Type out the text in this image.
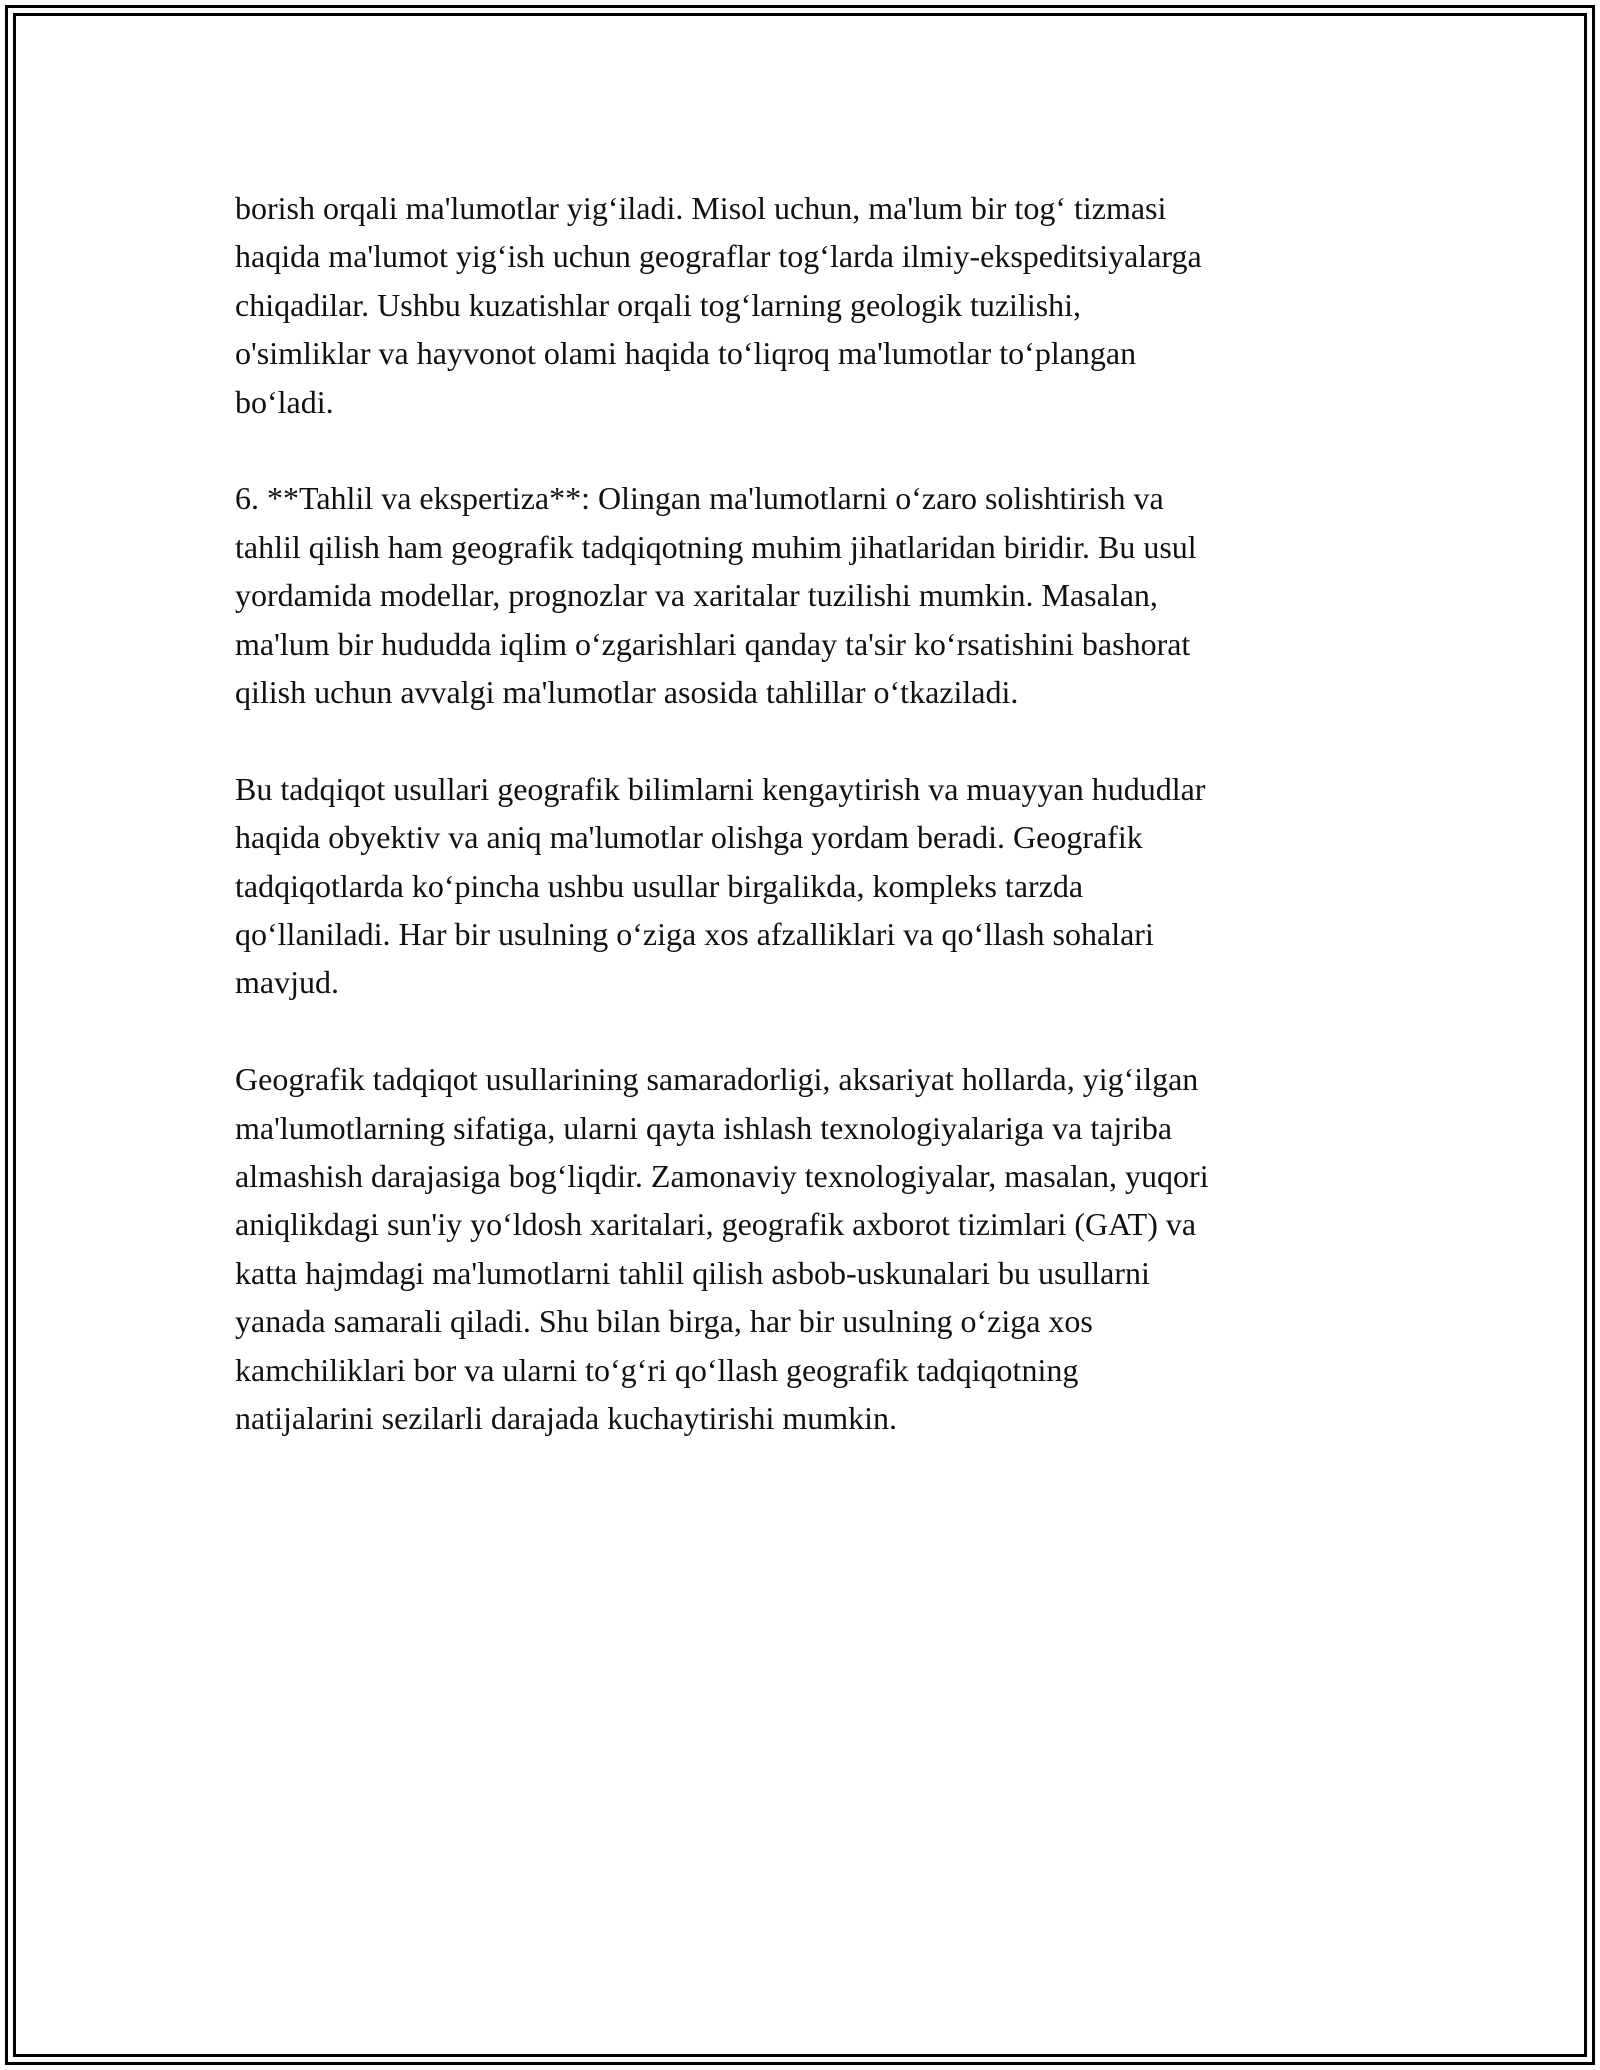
borish orqali ma'lumotlar yig‘iladi. Misol uchun, ma'lum bir tog‘ tizmasi
haqida ma'lumot yig‘ish uchun geograflar tog‘larda ilmiy-ekspeditsiyalarga
chiqadilar. Ushbu kuzatishlar orqali tog‘larning geologik tuzilishi,
o'simliklar va hayvonot olami haqida to‘liqroq ma'lumotlar to‘plangan
bo‘ladi.

6. **Tahlil va ekspertiza**: Olingan ma'lumotlarni o‘zaro solishtirish va
tahlil qilish ham geografik tadqiqotning muhim jihatlaridan biridir. Bu usul
yordamida modellar, prognozlar va xaritalar tuzilishi mumkin. Masalan,
ma'lum bir hududda iqlim o‘zgarishlari qanday ta'sir ko‘rsatishini bashorat
qilish uchun avvalgi ma'lumotlar asosida tahlillar o‘tkaziladi.

Bu tadqiqot usullari geografik bilimlarni kengaytirish va muayyan hududlar
haqida obyektiv va aniq ma'lumotlar olishga yordam beradi. Geografik
tadqiqotlarda ko‘pincha ushbu usullar birgalikda, kompleks tarzda
qo‘llaniladi. Har bir usulning o‘ziga xos afzalliklari va qo‘llash sohalari
mavjud.

Geografik tadqiqot usullarining samaradorligi, aksariyat hollarda, yig‘ilgan
ma'lumotlarning sifatiga, ularni qayta ishlash texnologiyalariga va tajriba
almashish darajasiga bog‘liqdir. Zamonaviy texnologiyalar, masalan, yuqori
aniqlikdagi sun'iy yo‘ldosh xaritalari, geografik axborot tizimlari (GAT) va
katta hajmdagi ma'lumotlarni tahlil qilish asbob-uskunalari bu usullarni
yanada samarali qiladi. Shu bilan birga, har bir usulning o‘ziga xos
kamchiliklari bor va ularni to‘g‘ri qo‘llash geografik tadqiqotning
natijalarini sezilarli darajada kuchaytirishi mumkin.
